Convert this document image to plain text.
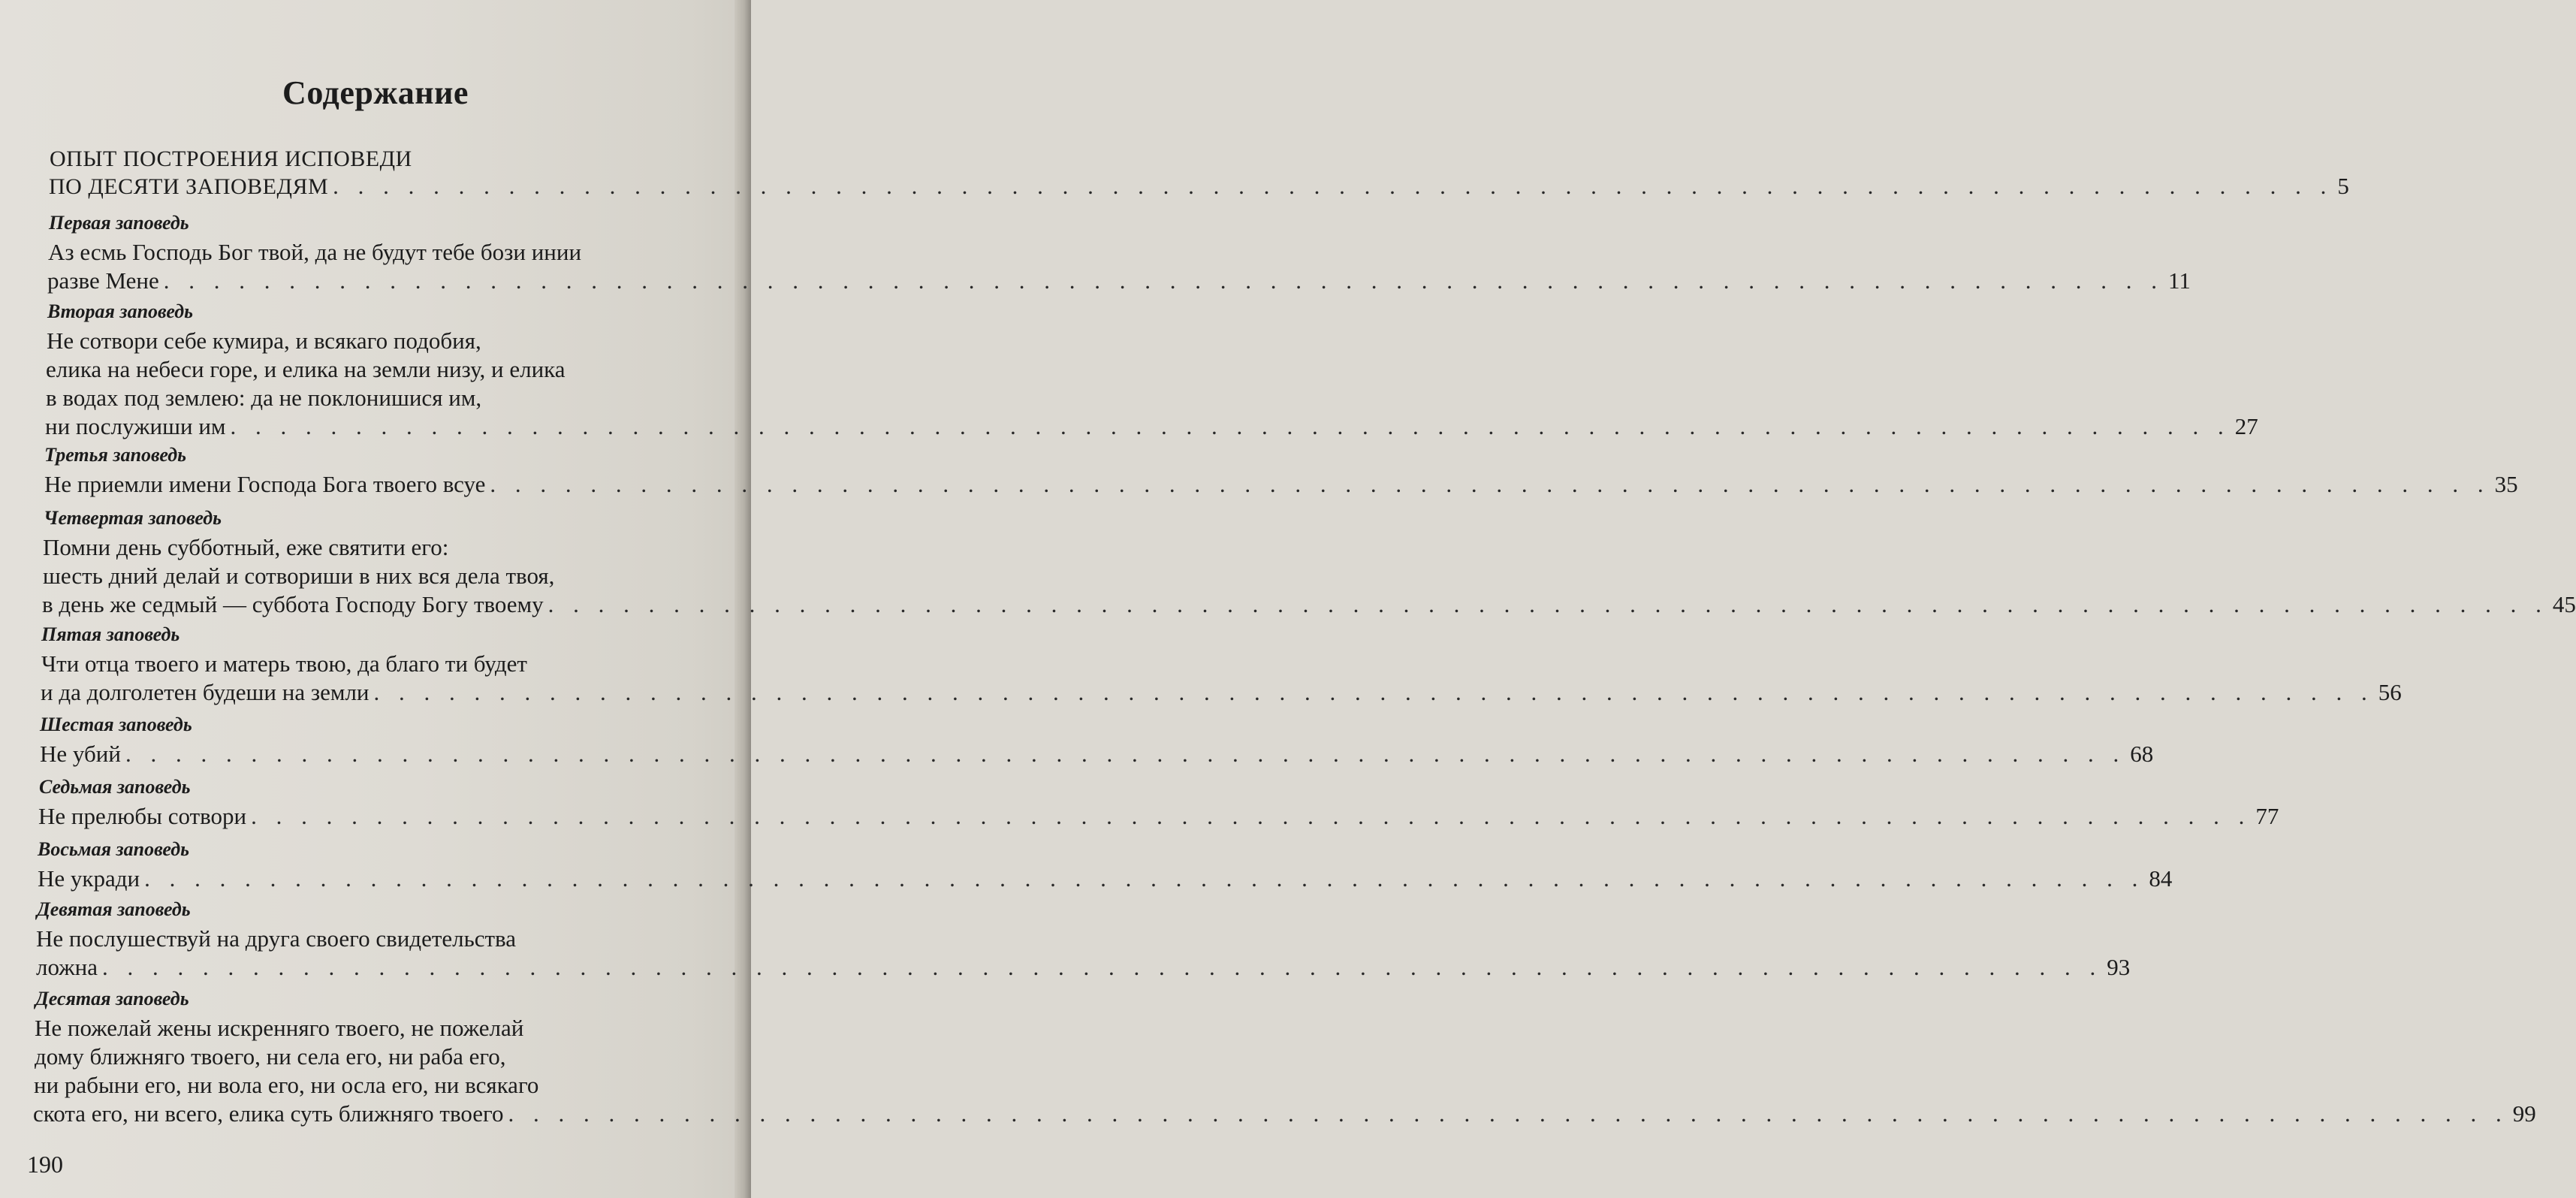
Содержание
ОПЫТ ПОСТРОЕНИЯ ИСПОВЕДИ
ПО ДЕСЯТИ ЗАПОВЕДЯМ . . . . . . . . . . . . . . . . . . . . . . . . . . . . . . . . . . . . . . . . . . . . . . . . . . . . . . . . . . . . . . . . . . . . . . . . . . . . . . . . 5
Первая заповедь
Аз есмь Господь Бог твой, да не будут тебе бози инии
разве Мене . . . . . . . . . . . . . . . . . . . . . . . . . . . . . . . . . . . . . . . . . . . . . . . . . . . . . . . . . . . . . . . . . . . . . . . . . . . . . . . . 11
Вторая заповедь
Не сотвори себе кумира, и всякаго подобия,
елика на небеси горе, и елика на земли низу, и елика
в водах под землею: да не поклонишися им,
ни послужиши им . . . . . . . . . . . . . . . . . . . . . . . . . . . . . . . . . . . . . . . . . . . . . . . . . . . . . . . . . . . . . . . . . . . . . . . . . . . . . . . . 27
Третья заповедь
Не приемли имени Господа Бога твоего всуе . . . . . . . . . . . . . . . . . . . . . . . . . . . . . . . . . . . . . . . . . . . . . . . . . . . . . . . . . . . . . . . . . . . . . . . . . . . . . . . . 35
Четвертая заповедь
Помни день субботный, еже святити его:
шесть дний делай и сотвориши в них вся дела твоя,
в день же седмый — суббота Господу Богу твоему . . . . . . . . . . . . . . . . . . . . . . . . . . . . . . . . . . . . . . . . . . . . . . . . . . . . . . . . . . . . . . . . . . . . . . . . . . . . . . . . 45
Пятая заповедь
Чти отца твоего и матерь твою, да благо ти будет
и да долголетен будеши на земли . . . . . . . . . . . . . . . . . . . . . . . . . . . . . . . . . . . . . . . . . . . . . . . . . . . . . . . . . . . . . . . . . . . . . . . . . . . . . . . . 56
Шестая заповедь
Не убий . . . . . . . . . . . . . . . . . . . . . . . . . . . . . . . . . . . . . . . . . . . . . . . . . . . . . . . . . . . . . . . . . . . . . . . . . . . . . . . . 68
Седьмая заповедь
Не прелюбы сотвори . . . . . . . . . . . . . . . . . . . . . . . . . . . . . . . . . . . . . . . . . . . . . . . . . . . . . . . . . . . . . . . . . . . . . . . . . . . . . . . . 77
Восьмая заповедь
Не укради . . . . . . . . . . . . . . . . . . . . . . . . . . . . . . . . . . . . . . . . . . . . . . . . . . . . . . . . . . . . . . . . . . . . . . . . . . . . . . . . 84
Девятая заповедь
Не послушествуй на друга своего свидетельства
ложна . . . . . . . . . . . . . . . . . . . . . . . . . . . . . . . . . . . . . . . . . . . . . . . . . . . . . . . . . . . . . . . . . . . . . . . . . . . . . . . . 93
Десятая заповедь
Не пожелай жены искренняго твоего, не пожелай
дому ближняго твоего, ни села его, ни раба его,
ни рабыни его, ни вола его, ни осла его, ни всякаго
скота его, ни всего, елика суть ближняго твоего . . . . . . . . . . . . . . . . . . . . . . . . . . . . . . . . . . . . . . . . . . . . . . . . . . . . . . . . . . . . . . . . . . . . . . . . . . . . . . . . 99
190
